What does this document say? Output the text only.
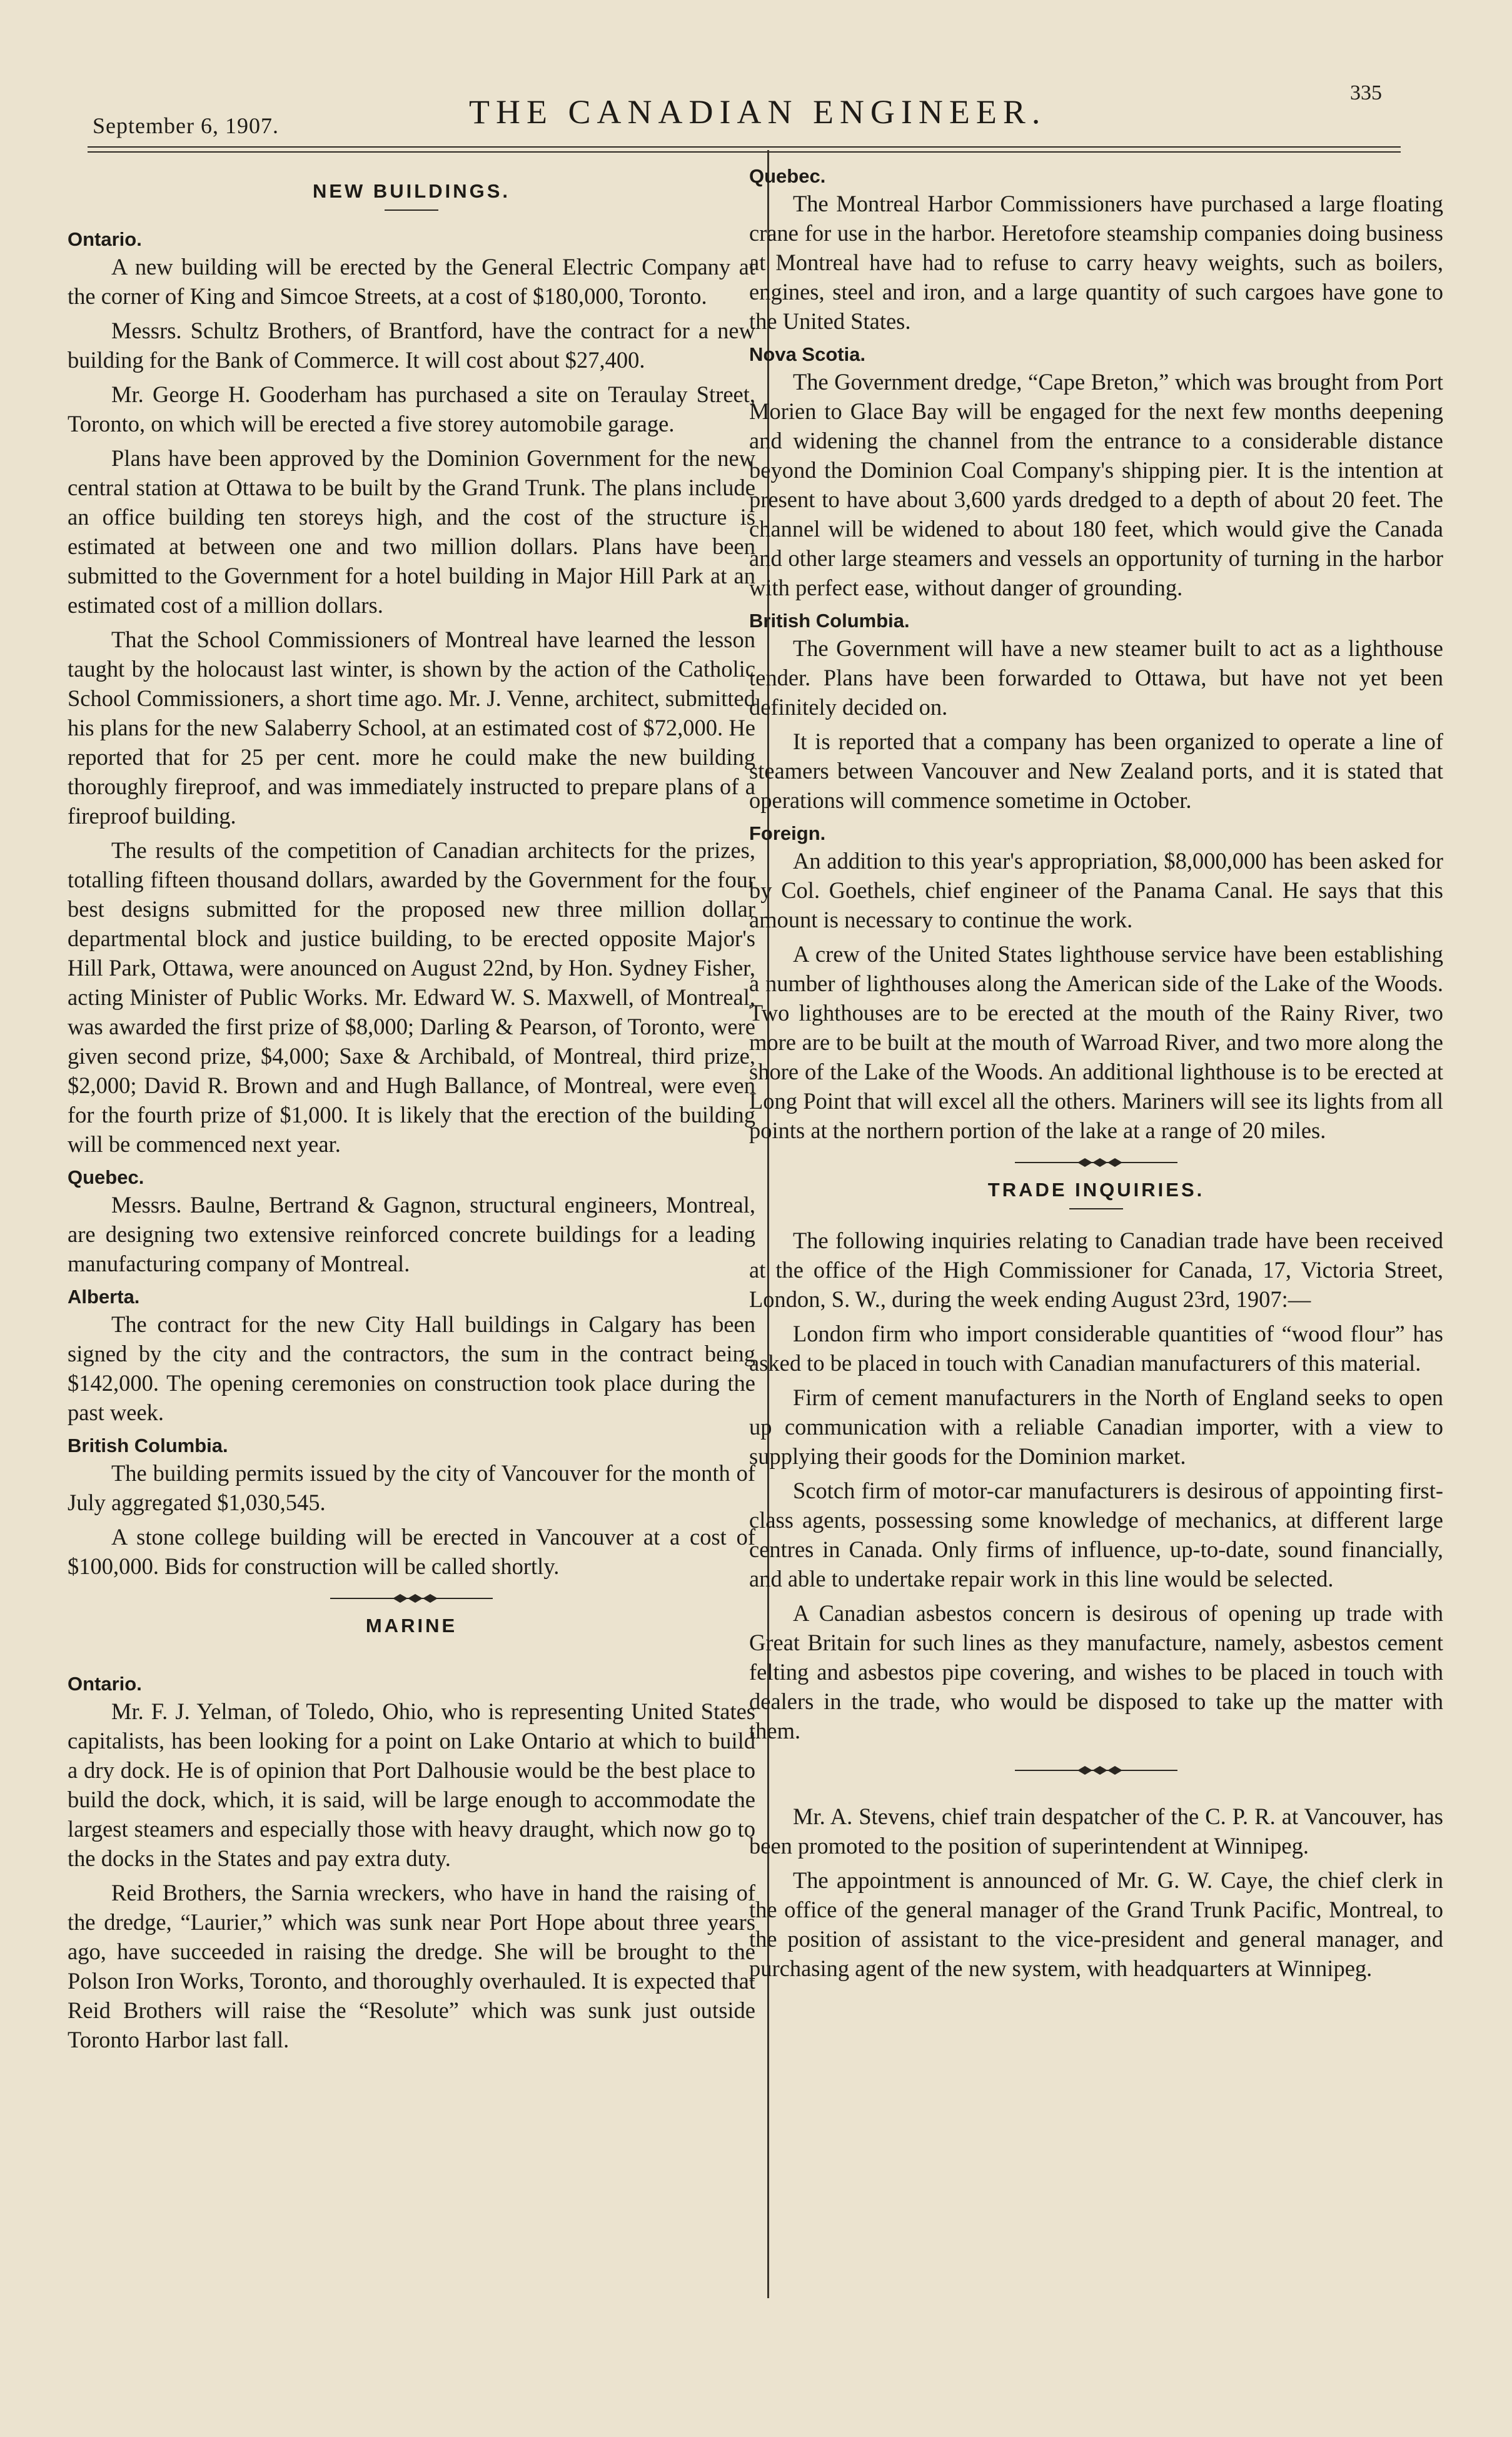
September 6, 1907.	THE CANADIAN ENGINEER.
335
NEW BUILDINGS.
Ontario.

A new building will be erected by the General Electric Company at the corner of King and Simcoe Streets, at a cost of $180,000, Toronto.

Messrs. Schultz Brothers, of Brantford, have the contract for a new building for the Bank of Commerce. It will cost about $27,400.

Mr. George H. Gooderham has purchased a site on Teraulay Street, Toronto, on which will be erected a five storey automobile garage.

Plans have been approved by the Dominion Government for the new central station at Ottawa to be built by the Grand Trunk. The plans include an office building ten storeys high, and the cost of the structure is estimated at between one and two million dollars. Plans have been submitted to the Government for a hotel building in Major Hill Park at an estimated cost of a million dollars.

That the School Commissioners of Montreal have learned the lesson taught by the holocaust last winter, is shown by the action of the Catholic School Commissioners, a short time ago. Mr. J. Venne, architect, submitted his plans for the new Salaberry School, at an estimated cost of $72,000. He reported that for 25 per cent. more he could make the new building thoroughly fireproof, and was immediately instructed to prepare plans of a fireproof building.

The results of the competition of Canadian architects for the prizes, totalling fifteen thousand dollars, awarded by the Government for the four best designs submitted for the proposed new three million dollar departmental block and justice building, to be erected opposite Major's Hill Park, Ottawa, were anounced on August 22nd, by Hon. Sydney Fisher, acting Minister of Public Works. Mr. Edward W. S. Maxwell, of Montreal, was awarded the first prize of $8,000; Darling & Pearson, of Toronto, were given second prize, $4,000; Saxe & Archibald, of Montreal, third prize, $2,000; David R. Brown and and Hugh Ballance, of Montreal, were even for the fourth prize of $1,000. It is likely that the erection of the building will be commenced next year.

Quebec.

Messrs. Baulne, Bertrand & Gagnon, structural engineers, Montreal, are designing two extensive reinforced concrete buildings for a leading manufacturing company of Montreal.

Alberta.

The contract for the new City Hall buildings in Calgary has been signed by the city and the contractors, the sum in the contract being $142,000. The opening ceremonies on construction took place during the past week.

British Columbia.

The building permits issued by the city of Vancouver for the month of July aggregated $1,030,545.

A stone college building will be erected in Vancouver at a cost of $100,000. Bids for construction will be called shortly.

MARINE
Ontario.

Mr. F. J. Yelman, of Toledo, Ohio, who is representing United States capitalists, has been looking for a point on Lake Ontario at which to build a dry dock. He is of opinion that Port Dalhousie would be the best place to build the dock, which, it is said, will be large enough to accommodate the largest steamers and especially those with heavy draught, which now go to the docks in the States and pay extra duty.

Reid Brothers, the Sarnia wreckers, who have in hand the raising of the dredge, “Laurier,” which was sunk near Port Hope about three years ago, have succeeded in raising the dredge. She will be brought to the Polson Iron Works, Toronto, and thoroughly overhauled. It is expected that Reid Brothers will raise the “Resolute” which was sunk just outside Toronto Harbor last fall.

Quebec.

The Montreal Harbor Commissioners have purchased a large floating crane for use in the harbor. Heretofore steamship companies doing business at Montreal have had to refuse to carry heavy weights, such as boilers, engines, steel and iron, and a large quantity of such cargoes have gone to the United States.

Nova Scotia.

The Government dredge, “Cape Breton,” which was brought from Port Morien to Glace Bay will be engaged for the next few months deepening and widening the channel from the entrance to a considerable distance beyond the Dominion Coal Company's shipping pier. It is the intention at present to have about 3,600 yards dredged to a depth of about 20 feet. The channel will be widened to about 180 feet, which would give the Canada and other large steamers and vessels an opportunity of turning in the harbor with perfect ease, without danger of grounding.

British Columbia.

The Government will have a new steamer built to act as a lighthouse tender. Plans have been forwarded to Ottawa, but have not yet been definitely decided on.

It is reported that a company has been organized to operate a line of steamers between Vancouver and New Zealand ports, and it is stated that operations will commence sometime in October.

Foreign.

An addition to this year's appropriation, $8,000,000 has been asked for by Col. Goethels, chief engineer of the Panama Canal. He says that this amount is necessary to continue the work.

A crew of the United States lighthouse service have been establishing a number of lighthouses along the American side of the Lake of the Woods. Two lighthouses are to be erected at the mouth of the Rainy River, two more are to be built at the mouth of Warroad River, and two more along the shore of the Lake of the Woods. An additional lighthouse is to be erected at Long Point that will excel all the others. Mariners will see its lights from all points at the northern portion of the lake at a range of 20 miles.

TRADE INQUIRIES.

The following inquiries relating to Canadian trade have been received at the office of the High Commissioner for Canada, 17, Victoria Street, London, S. W., during the week ending August 23rd, 1907:—

London firm who import considerable quantities of “wood flour” has asked to be placed in touch with Canadian manufacturers of this material.

Firm of cement manufacturers in the North of England seeks to open up communication with a reliable Canadian importer, with a view to supplying their goods for the Dominion market.

Scotch firm of motor-car manufacturers is desirous of appointing first-class agents, possessing some knowledge of mechanics, at different large centres in Canada. Only firms of influence, up-to-date, sound financially, and able to undertake repair work in this line would be selected.

A Canadian asbestos concern is desirous of opening up trade with Great Britain for such lines as they manufacture, namely, asbestos cement felting and asbestos pipe covering, and wishes to be placed in touch with dealers in the trade, who would be disposed to take up the matter with them.

Mr. A. Stevens, chief train despatcher of the C. P. R. at Vancouver, has been promoted to the position of superintendent at Winnipeg.

The appointment is announced of Mr. G. W. Caye, the chief clerk in the office of the general manager of the Grand Trunk Pacific, Montreal, to the position of assistant to the vice-president and general manager, and purchasing agent of the new system, with headquarters at Winnipeg.
